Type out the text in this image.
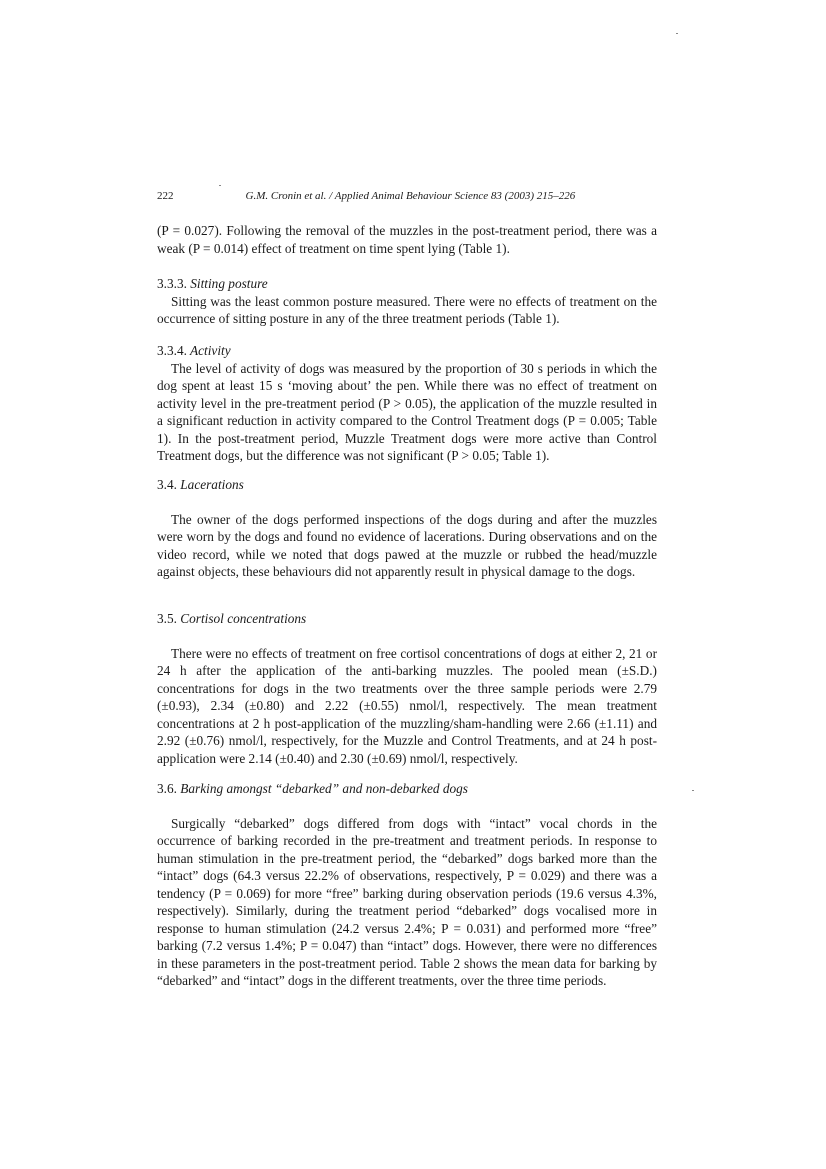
222	G.M. Cronin et al. / Applied Animal Behaviour Science 83 (2003) 215–226

(P = 0.027). Following the removal of the muzzles in the post-treatment period, there was a weak (P = 0.014) effect of treatment on time spent lying (Table 1).

3.3.3. Sitting posture

Sitting was the least common posture measured. There were no effects of treatment on the occurrence of sitting posture in any of the three treatment periods (Table 1).

3.3.4. Activity

The level of activity of dogs was measured by the proportion of 30 s periods in which the dog spent at least 15 s ‘moving about’ the pen. While there was no effect of treatment on activity level in the pre-treatment period (P > 0.05), the application of the muzzle resulted in a significant reduction in activity compared to the Control Treatment dogs (P = 0.005; Table 1). In the post-treatment period, Muzzle Treatment dogs were more active than Control Treatment dogs, but the difference was not significant (P > 0.05; Table 1).

3.4. Lacerations

The owner of the dogs performed inspections of the dogs during and after the muzzles were worn by the dogs and found no evidence of lacerations. During observations and on the video record, while we noted that dogs pawed at the muzzle or rubbed the head/muzzle against objects, these behaviours did not apparently result in physical damage to the dogs.

3.5. Cortisol concentrations

There were no effects of treatment on free cortisol concentrations of dogs at either 2, 21 or 24 h after the application of the anti-barking muzzles. The pooled mean (±S.D.) concentrations for dogs in the two treatments over the three sample periods were 2.79 (±0.93), 2.34 (±0.80) and 2.22 (±0.55) nmol/l, respectively. The mean treatment concentrations at 2 h post-application of the muzzling/sham-handling were 2.66 (±1.11) and 2.92 (±0.76) nmol/l, respectively, for the Muzzle and Control Treatments, and at 24 h post-application were 2.14 (±0.40) and 2.30 (±0.69) nmol/l, respectively.

3.6. Barking amongst “debarked” and non-debarked dogs

Surgically “debarked” dogs differed from dogs with “intact” vocal chords in the occurrence of barking recorded in the pre-treatment and treatment periods. In response to human stimulation in the pre-treatment period, the “debarked” dogs barked more than the “intact” dogs (64.3 versus 22.2% of observations, respectively, P = 0.029) and there was a tendency (P = 0.069) for more “free” barking during observation periods (19.6 versus 4.3%, respectively). Similarly, during the treatment period “debarked” dogs vocalised more in response to human stimulation (24.2 versus 2.4%; P = 0.031) and performed more “free” barking (7.2 versus 1.4%; P = 0.047) than “intact” dogs. However, there were no differences in these parameters in the post-treatment period. Table 2 shows the mean data for barking by “debarked” and “intact” dogs in the different treatments, over the three time periods.
